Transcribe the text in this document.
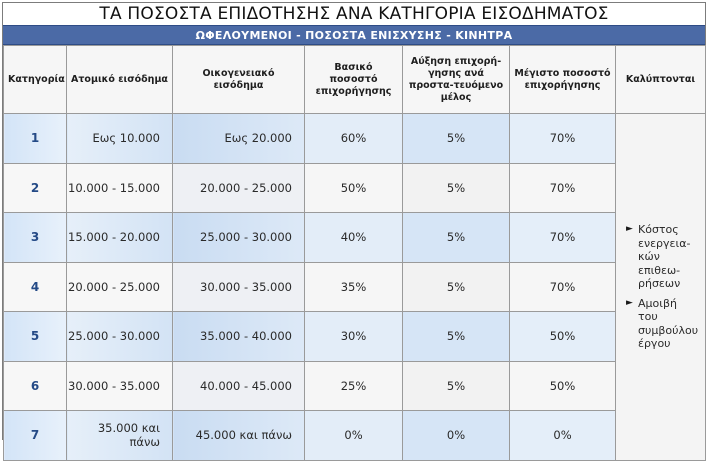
ΤΑ ΠΟΣΟΣΤΑ ΕΠΙΔΟΤΗΣΗΣ ΑΝΑ ΚΑΤΗΓΟΡΙΑ ΕΙΣΟΔΗΜΑΤΟΣ
ΩΦΕΛΟΥΜΕΝΟΙ - ΠΟΣΟΣΤΑ ΕΝΙΣΧΥΣΗΣ - ΚΙΝΗΤΡΑ
Κατηγορία	Ατομικό εισόδημα	Οικογενειακό εισόδημα	Βασικό ποσοστό επιχορήγησης	Αύξηση επιχορή-γησης ανά προστα-τευόμενο μέλος	Μέγιστο ποσοστό επιχορήγησης	Καλύπτονται
1	Εως 10.000	Εως 20.000	60%	5%	70%	► Κόστος ενεργεια-κών επιθεω-ρήσεων
► Αμοιβή του συμβούλου έργου

2	10.000 - 15.000	20.000 - 25.000	50%	5%	70%	
3	15.000 - 20.000	25.000 - 30.000	40%	5%	70%	
4	20.000 - 25.000	30.000 - 35.000	35%	5%	70%	
5	25.000 - 30.000	35.000 - 40.000	30%	5%	50%	
6	30.000 - 35.000	40.000 - 45.000	25%	5%	50%	
7	35.000 και πάνω	45.000 και πάνω	0%	0%	0%	
